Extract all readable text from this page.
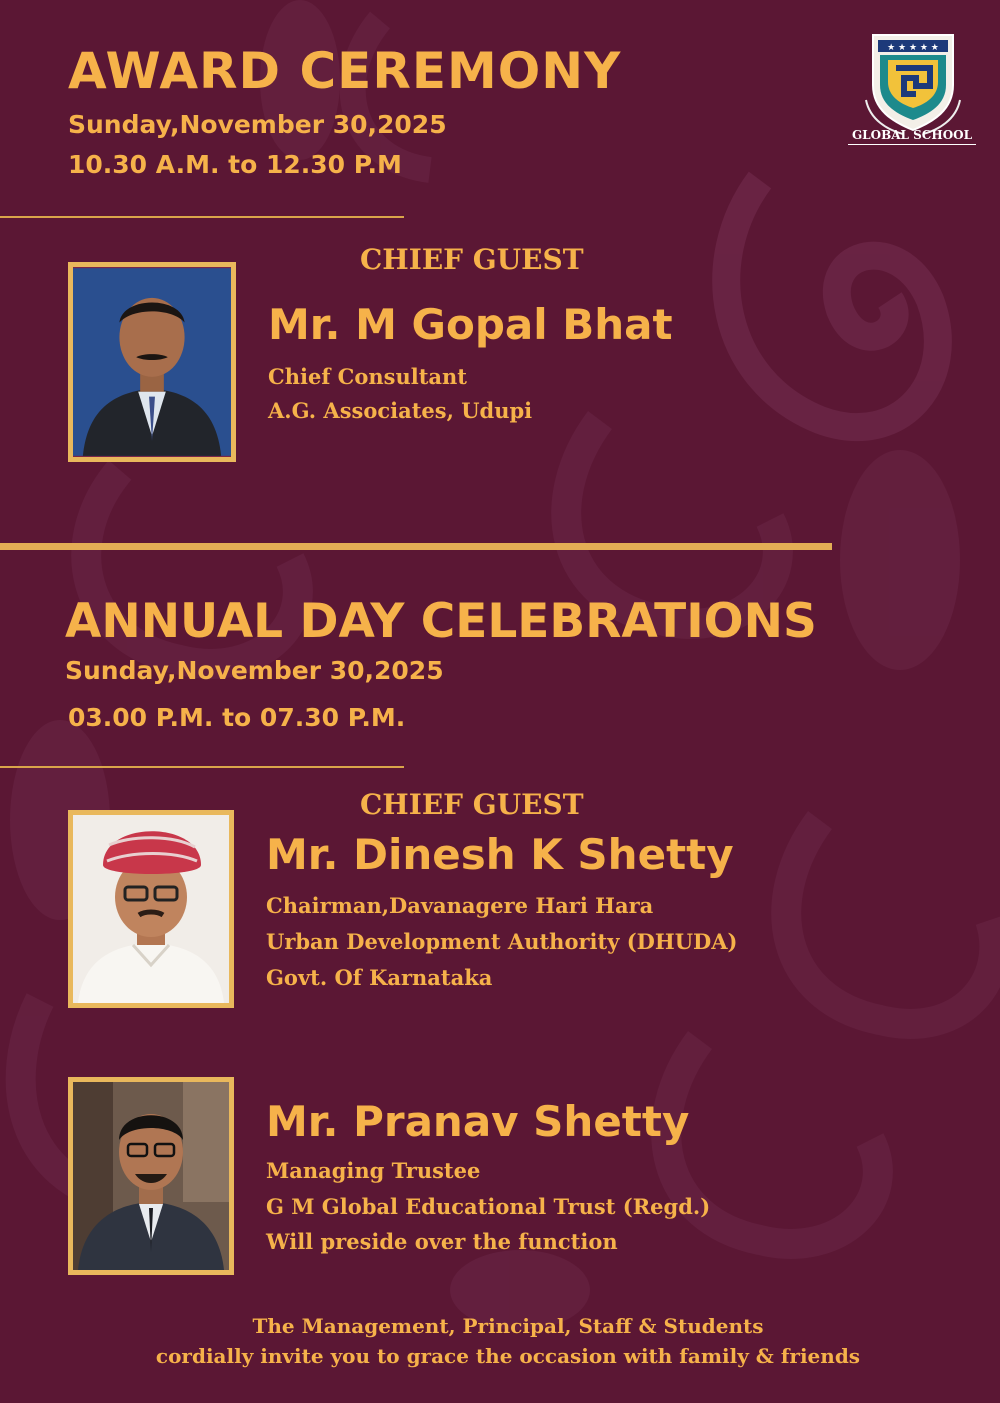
★ ★ ★ ★ ★
GLOBAL SCHOOL
AWARD CEREMONY
Sunday,November 30,2025
10.30 A.M. to 12.30 P.M
CHIEF GUEST
Mr. M Gopal Bhat
Chief Consultant
A.G. Associates, Udupi
ANNUAL DAY CELEBRATIONS
Sunday,November 30,2025
03.00 P.M. to 07.30 P.M.
CHIEF GUEST
Mr. Dinesh K Shetty
Chairman,Davanagere Hari Hara
Urban Development Authority (DHUDA)
Govt. Of Karnataka
Mr. Pranav Shetty
Managing Trustee
G M Global Educational Trust (Regd.)
Will preside over the function
The Management, Principal, Staff & Students
cordially invite you to grace the occasion with family & friends
